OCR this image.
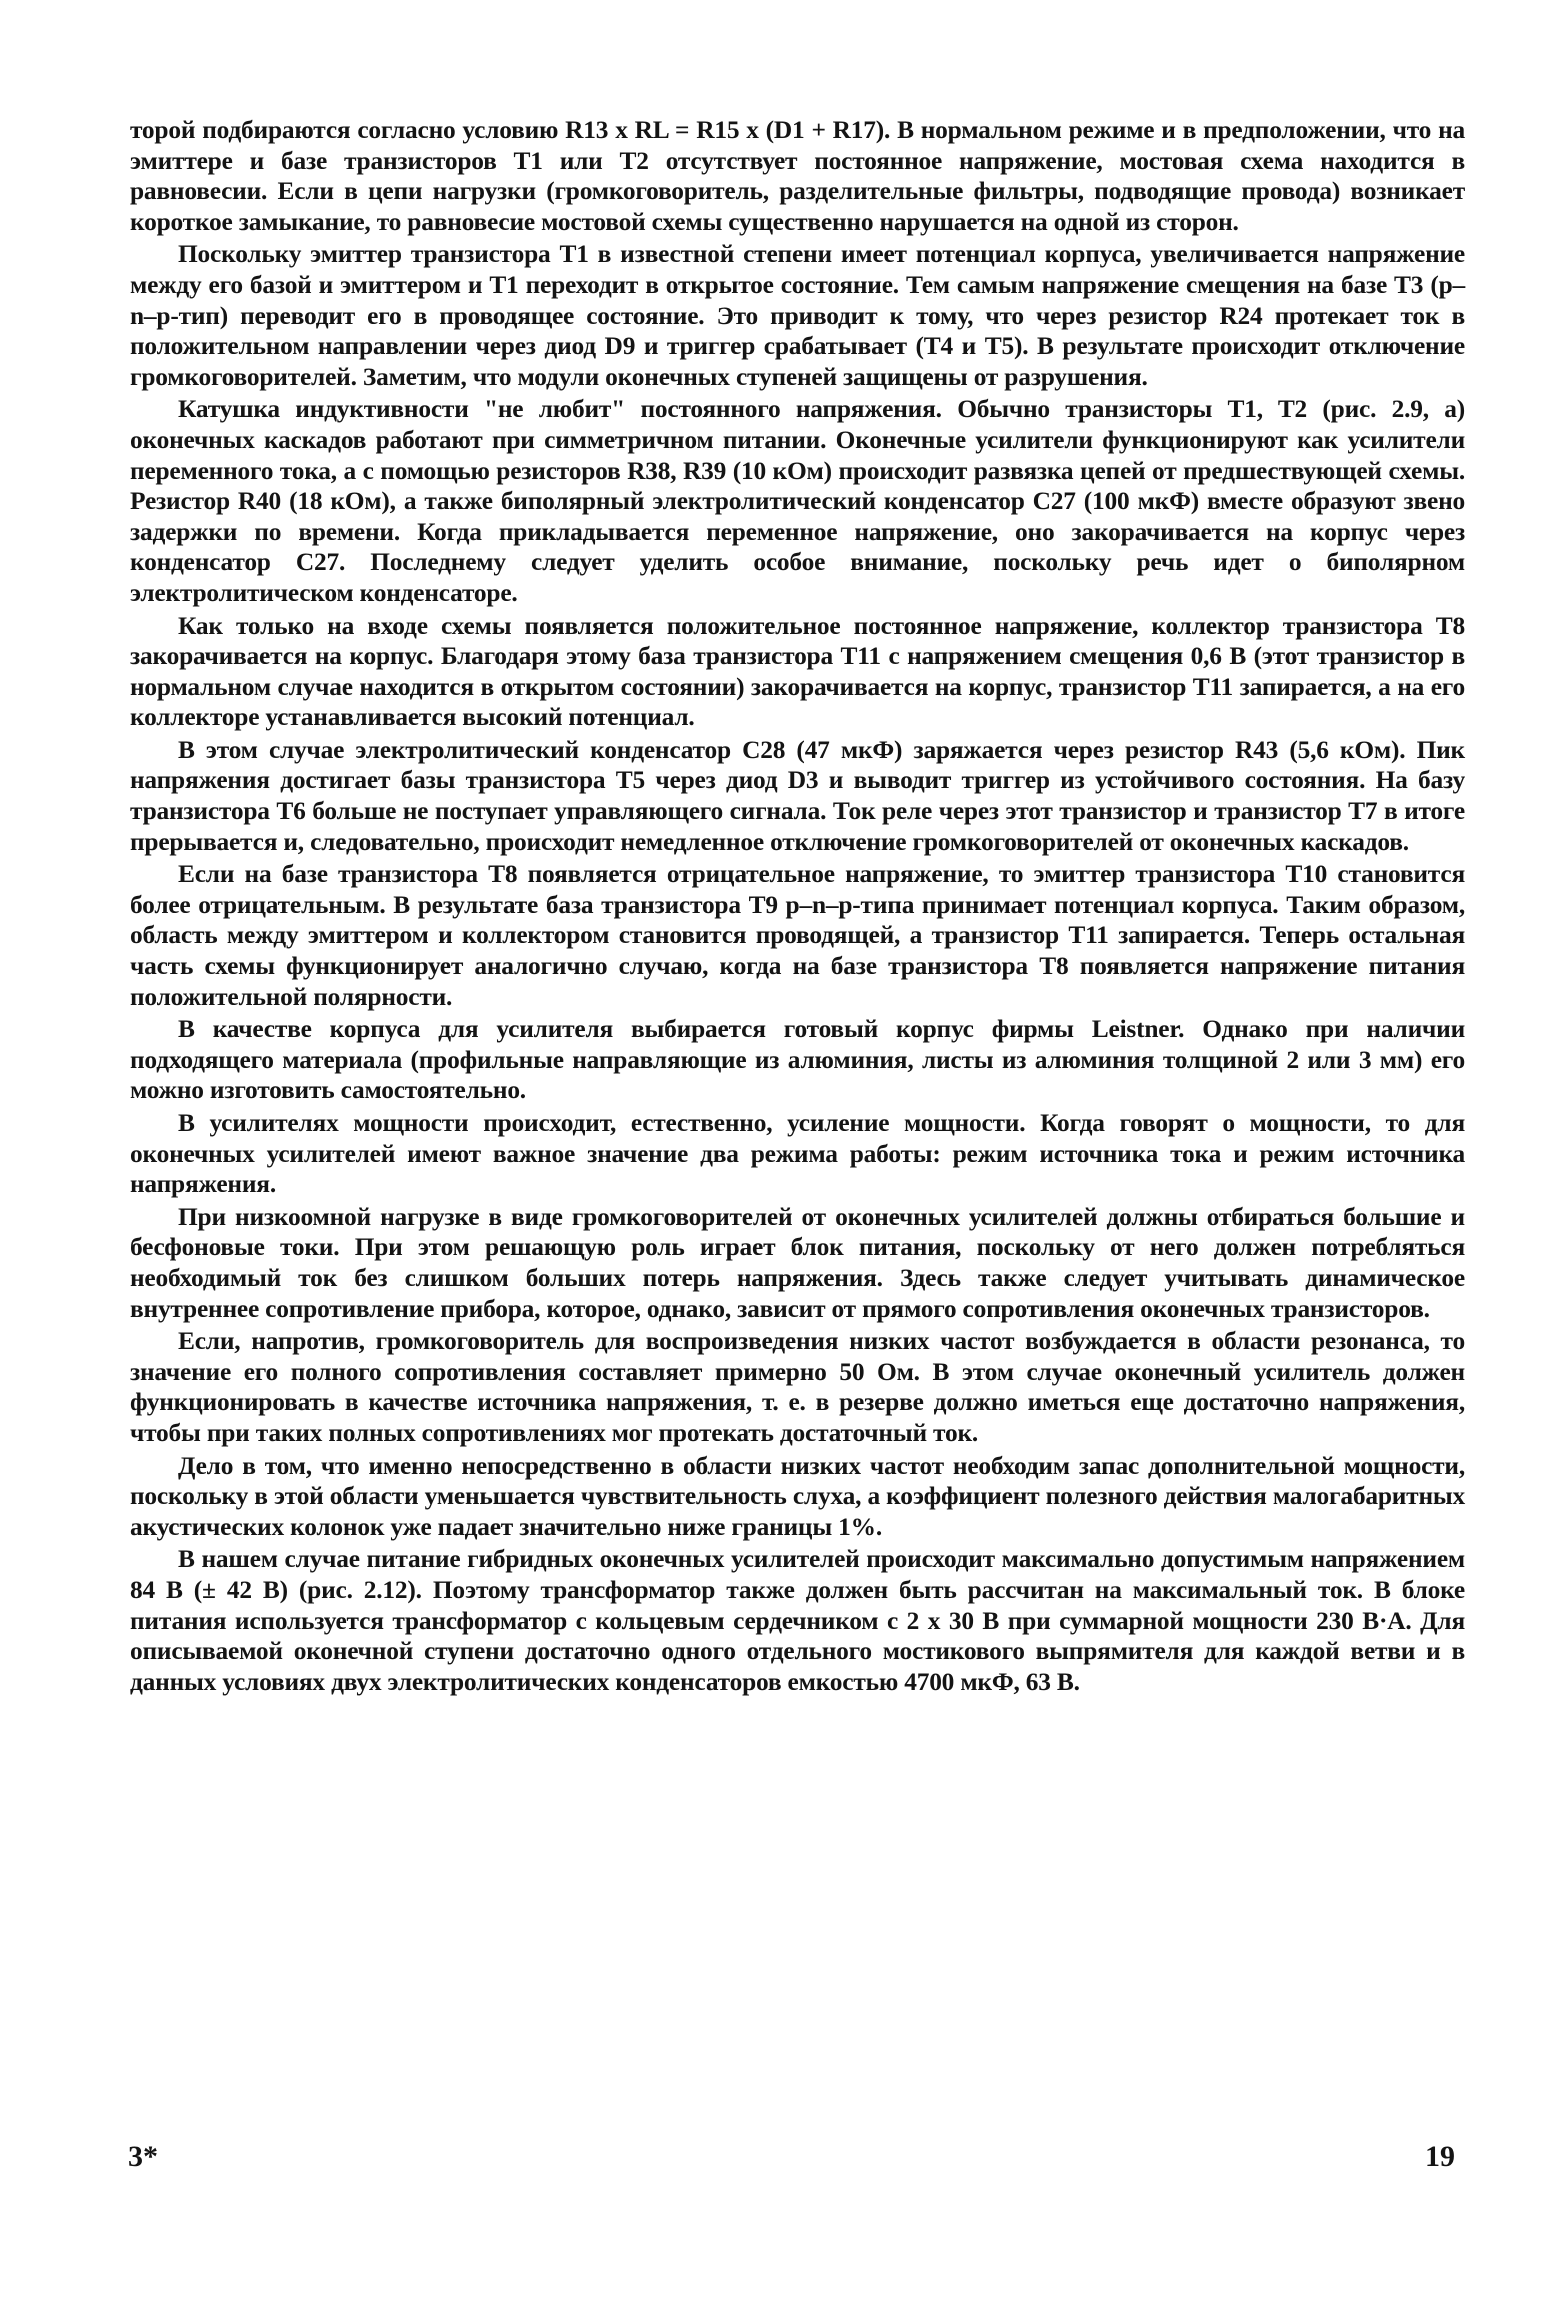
торой подбираются согласно условию R13 x RL = R15 x (D1 + R17). В нормальном режиме и в предположении, что на эмиттере и базе транзисторов T1 или T2 отсутствует постоянное напряжение, мостовая схема находится в равновесии. Если в цепи нагрузки (громкоговоритель, разделительные фильтры, подводящие провода) возникает короткое замыкание, то равновесие мостовой схемы существенно нарушается на одной из сторон.

Поскольку эмиттер транзистора T1 в известной степени имеет потенциал корпуса, увеличивается напряжение между его базой и эмиттером и T1 переходит в открытое состояние. Тем самым напряжение смещения на базе T3 (p–n–p-тип) переводит его в проводящее состояние. Это приводит к тому, что через резистор R24 протекает ток в положительном направлении через диод D9 и триггер срабатывает (T4 и T5). В результате происходит отключение громкоговорителей. Заметим, что модули оконечных ступеней защищены от разрушения.

Катушка индуктивности "не любит" постоянного напряжения. Обычно транзисторы T1, T2 (рис. 2.9, a) оконечных каскадов работают при симметричном питании. Оконечные усилители функционируют как усилители переменного тока, а с помощью резисторов R38, R39 (10 кОм) происходит развязка цепей от предшествующей схемы. Резистор R40 (18 кОм), а также биполярный электролитический конденсатор C27 (100 мкФ) вместе образуют звено задержки по времени. Когда прикладывается переменное напряжение, оно закорачивается на корпус через конденсатор C27. Последнему следует уделить особое внимание, поскольку речь идет о биполярном электролитическом конденсаторе.

Как только на входе схемы появляется положительное постоянное напряжение, коллектор транзистора T8 закорачивается на корпус. Благодаря этому база транзистора T11 с напряжением смещения 0,6 В (этот транзистор в нормальном случае находится в открытом состоянии) закорачивается на корпус, транзистор T11 запирается, а на его коллекторе устанавливается высокий потенциал.

В этом случае электролитический конденсатор C28 (47 мкФ) заряжается через резистор R43 (5,6 кОм). Пик напряжения достигает базы транзистора T5 через диод D3 и выводит триггер из устойчивого состояния. На базу транзистора T6 больше не поступает управляющего сигнала. Ток реле через этот транзистор и транзистор T7 в итоге прерывается и, следовательно, происходит немедленное отключение громкоговорителей от оконечных каскадов.

Если на базе транзистора T8 появляется отрицательное напряжение, то эмиттер транзистора T10 становится более отрицательным. В результате база транзистора T9 p–n–p-типа принимает потенциал корпуса. Таким образом, область между эмиттером и коллектором становится проводящей, а транзистор T11 запирается. Теперь остальная часть схемы функционирует аналогично случаю, когда на базе транзистора T8 появляется напряжение питания положительной полярности.

В качестве корпуса для усилителя выбирается готовый корпус фирмы Leistner. Однако при наличии подходящего материала (профильные направляющие из алюминия, листы из алюминия толщиной 2 или 3 мм) его можно изготовить самостоятельно.

В усилителях мощности происходит, естественно, усиление мощности. Когда говорят о мощности, то для оконечных усилителей имеют важное значение два режима работы: режим источника тока и режим источника напряжения.

При низкоомной нагрузке в виде громкоговорителей от оконечных усилителей должны отбираться большие и бесфоновые токи. При этом решающую роль играет блок питания, поскольку от него должен потребляться необходимый ток без слишком больших потерь напряжения. Здесь также следует учитывать динамическое внутреннее сопротивление прибора, которое, однако, зависит от прямого сопротивления оконечных транзисторов.

Если, напротив, громкоговоритель для воспроизведения низких частот возбуждается в области резонанса, то значение его полного сопротивления составляет примерно 50 Ом. В этом случае оконечный усилитель должен функционировать в качестве источника напряжения, т. е. в резерве должно иметься еще достаточно напряжения, чтобы при таких полных сопротивлениях мог протекать достаточный ток.

Дело в том, что именно непосредственно в области низких частот необходим запас дополнительной мощности, поскольку в этой области уменьшается чувствительность слуха, а коэффициент полезного действия малогабаритных акустических колонок уже падает значительно ниже границы 1%.

В нашем случае питание гибридных оконечных усилителей происходит максимально допустимым напряжением 84 В (± 42 В) (рис. 2.12). Поэтому трансформатор также должен быть рассчитан на максимальный ток. В блоке питания используется трансформатор с кольцевым сердечником с 2 x 30 В при суммарной мощности 230 В·А. Для описываемой оконечной ступени достаточно одного отдельного мостикового выпрямителя для каждой ветви и в данных условиях двух электролитических конденсаторов емкостью 4700 мкФ, 63 В.

3*	19
